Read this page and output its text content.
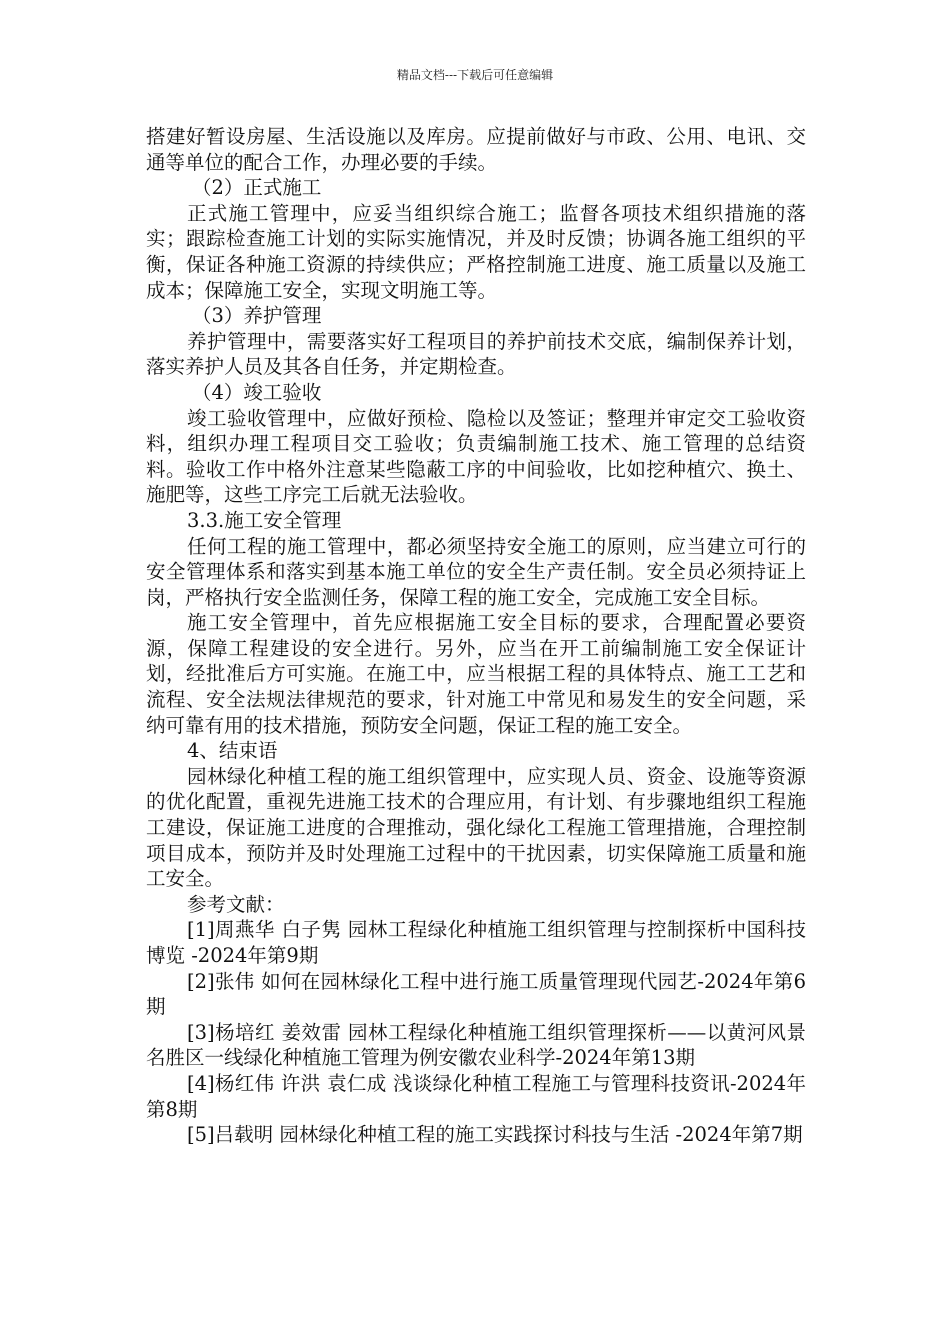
精品文档---下载后可任意编辑

搭建好暂设房屋、生活设施以及库房。应提前做好与市政、公用、电讯、交通等单位的配合工作，办理必要的手续。

（2）正式施工

正式施工管理中，应妥当组织综合施工；监督各项技术组织措施的落实；跟踪检查施工计划的实际实施情况，并及时反馈；协调各施工组织的平衡，保证各种施工资源的持续供应；严格控制施工进度、施工质量以及施工成本；保障施工安全，实现文明施工等。

（3）养护管理

养护管理中，需要落实好工程项目的养护前技术交底，编制保养计划，落实养护人员及其各自任务，并定期检查。

（4）竣工验收

竣工验收管理中，应做好预检、隐检以及签证；整理并审定交工验收资料，组织办理工程项目交工验收；负责编制施工技术、施工管理的总结资料。验收工作中格外注意某些隐蔽工序的中间验收，比如挖种植穴、换土、施肥等，这些工序完工后就无法验收。

3.3.施工安全管理

任何工程的施工管理中，都必须坚持安全施工的原则，应当建立可行的安全管理体系和落实到基本施工单位的安全生产责任制。安全员必须持证上岗，严格执行安全监测任务，保障工程的施工安全，完成施工安全目标。

施工安全管理中，首先应根据施工安全目标的要求，合理配置必要资源，保障工程建设的安全进行。另外，应当在开工前编制施工安全保证计划，经批准后方可实施。在施工中，应当根据工程的具体特点、施工工艺和流程、安全法规法律规范的要求，针对施工中常见和易发生的安全问题，采纳可靠有用的技术措施，预防安全问题，保证工程的施工安全。

4、结束语

园林绿化种植工程的施工组织管理中，应实现人员、资金、设施等资源的优化配置，重视先进施工技术的合理应用，有计划、有步骤地组织工程施工建设，保证施工进度的合理推动，强化绿化工程施工管理措施，合理控制项目成本，预防并及时处理施工过程中的干扰因素，切实保障施工质量和施工安全。

参考文献：

[1]周燕华 白子隽 园林工程绿化种植施工组织管理与控制探析中国科技博览 -2024年第9期

[2]张伟 如何在园林绿化工程中进行施工质量管理现代园艺-2024年第6期

[3]杨培红 姜效雷 园林工程绿化种植施工组织管理探析——以黄河风景名胜区一线绿化种植施工管理为例安徽农业科学-2024年第13期

[4]杨红伟 许洪 袁仁成 浅谈绿化种植工程施工与管理科技资讯-2024年第8期

[5]吕载明 园林绿化种植工程的施工实践探讨科技与生活 -2024年第7期
